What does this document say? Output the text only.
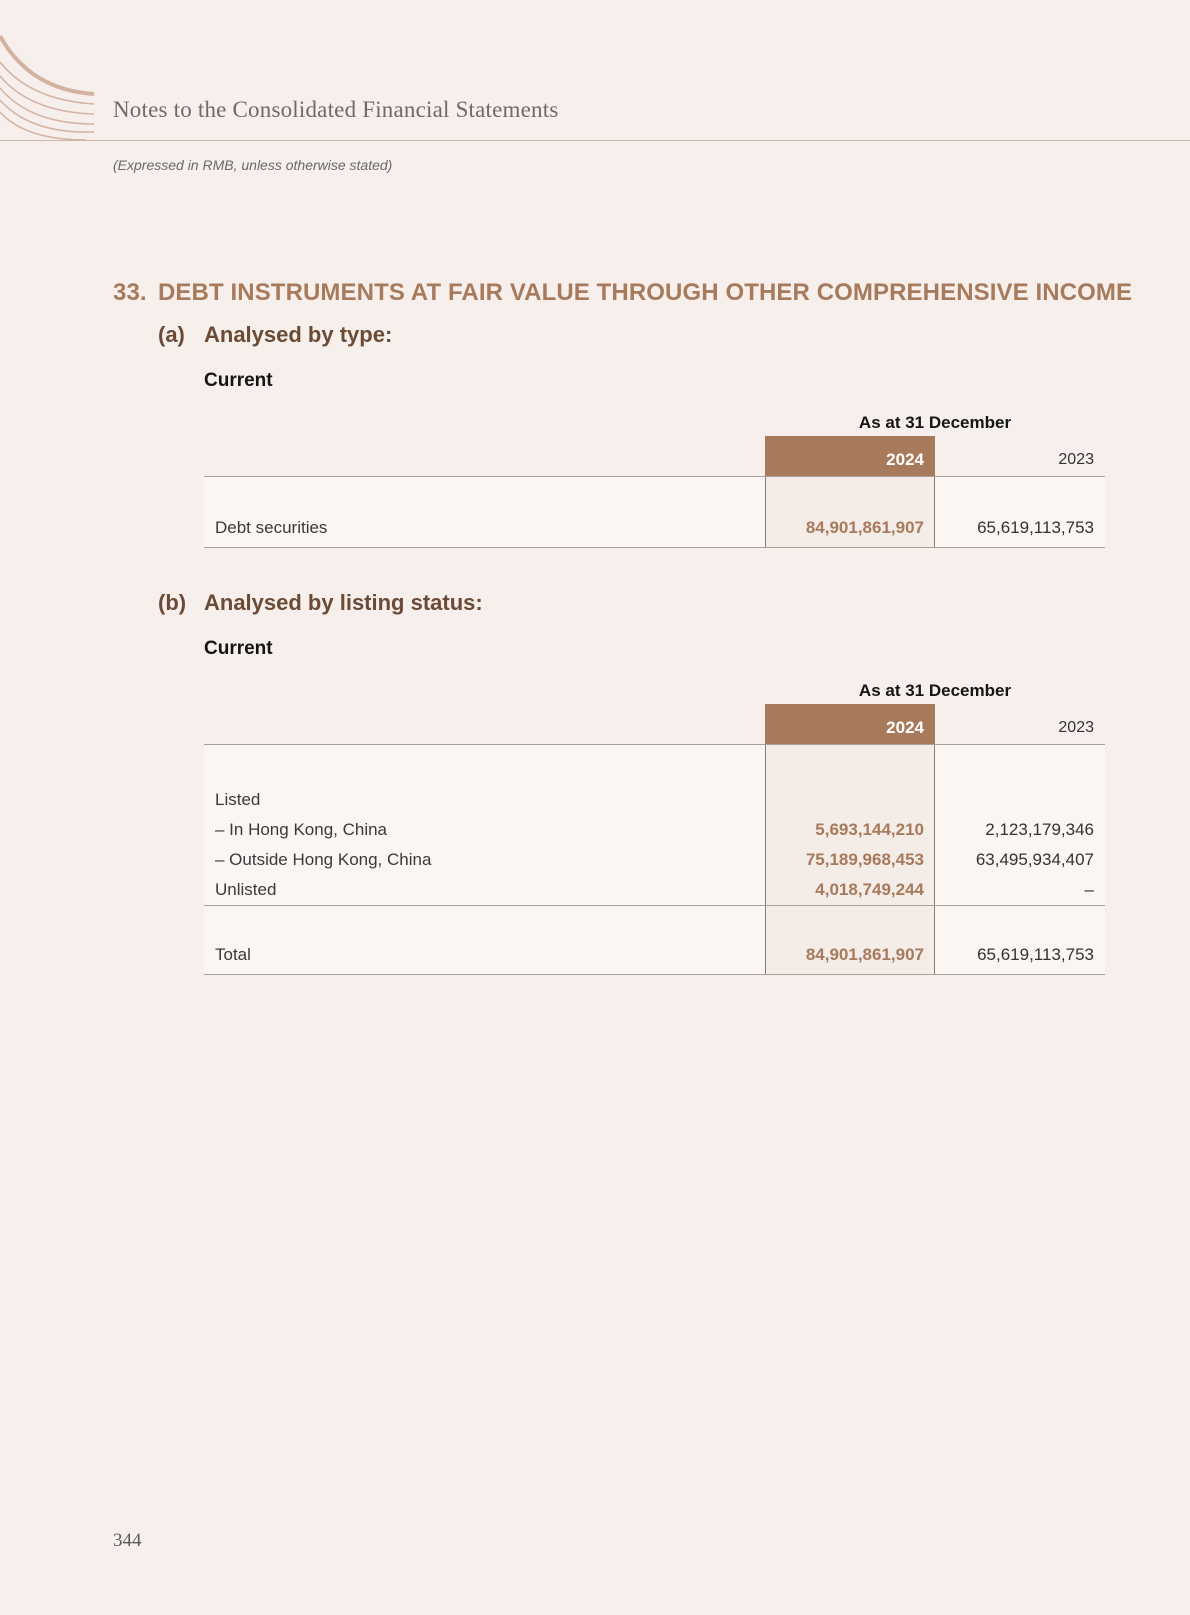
Notes to the Consolidated Financial Statements
(Expressed in RMB, unless otherwise stated)
33. DEBT INSTRUMENTS AT FAIR VALUE THROUGH OTHER COMPREHENSIVE INCOME
(a) Analysed by type:
Current
As at 31 December
2024	2023
Debt securities	84,901,861,907	65,619,113,753
(b) Analysed by listing status:
Current
As at 31 December
2024	2023
Listed
– In Hong Kong, China	5,693,144,210	2,123,179,346
– Outside Hong Kong, China	75,189,968,453	63,495,934,407
Unlisted	4,018,749,244	–
Total	84,901,861,907	65,619,113,753
344
